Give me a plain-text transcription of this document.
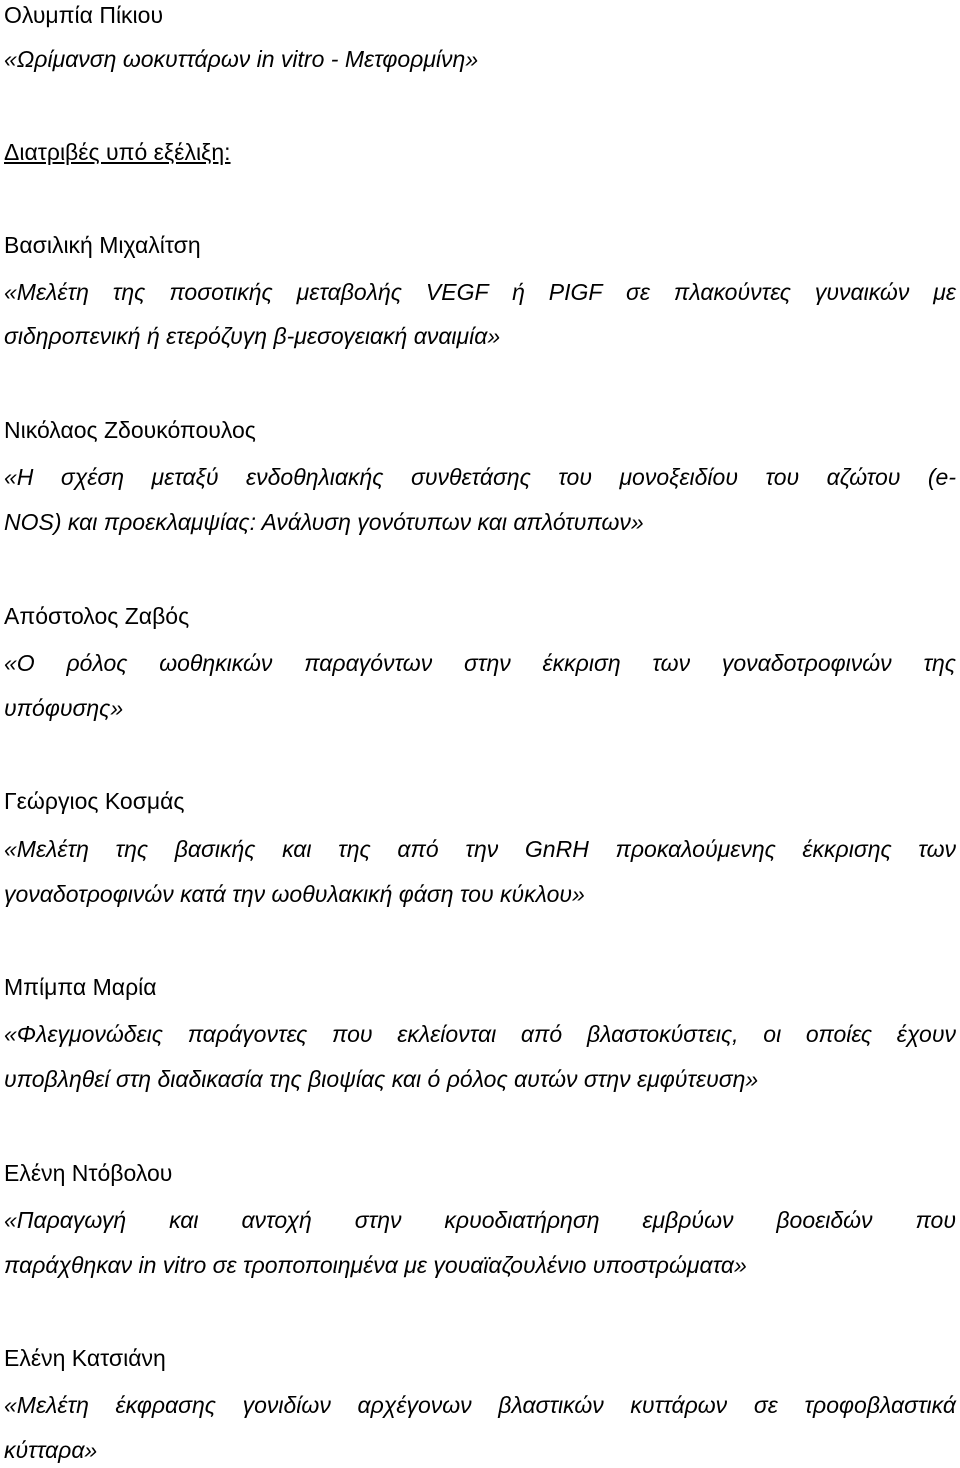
Ολυμπία Πίκιου
«Ωρίμανση ωοκυττάρων in vitro - Μετφορμίνη»
Διατριβές υπό εξέλιξη:
Βασιλική Μιχαλίτση
«Μελέτη της ποσοτικής μεταβολής VEGF ή PIGF σε πλακούντες γυναικών με
σιδηροπενική ή ετερόζυγη β-μεσογειακή αναιμία»
Νικόλαος Ζδουκόπουλος
«Η σχέση μεταξύ ενδοθηλιακής συνθετάσης του μονοξειδίου του αζώτου (e-
NOS) και προεκλαμψίας: Ανάλυση γονότυπων και απλότυπων»
Απόστολος Ζαβός
«Ο ρόλος ωοθηκικών παραγόντων στην έκκριση των γοναδοτροφινών της
υπόφυσης»
Γεώργιος Κοσμάς
«Μελέτη της βασικής και της από την GnRH προκαλούμενης έκκρισης των
γοναδοτροφινών κατά την ωοθυλακική φάση του κύκλου»
Μπίμπα Μαρία
«Φλεγμονώδεις παράγοντες που εκλείονται από βλαστοκύστεις, οι οποίες έχουν
υποβληθεί στη διαδικασία της βιοψίας και ό ρόλος αυτών στην εμφύτευση»
Ελένη Ντόβολου
«Παραγωγή και αντοχή στην κρυοδιατήρηση εμβρύων βοοειδών που
παράχθηκαν in vitro σε τροποποιημένα με γουαϊαζουλένιο υποστρώματα»
Ελένη Κατσιάνη
«Μελέτη έκφρασης γονιδίων αρχέγονων βλαστικών κυττάρων σε τροφοβλαστικά
κύτταρα»
